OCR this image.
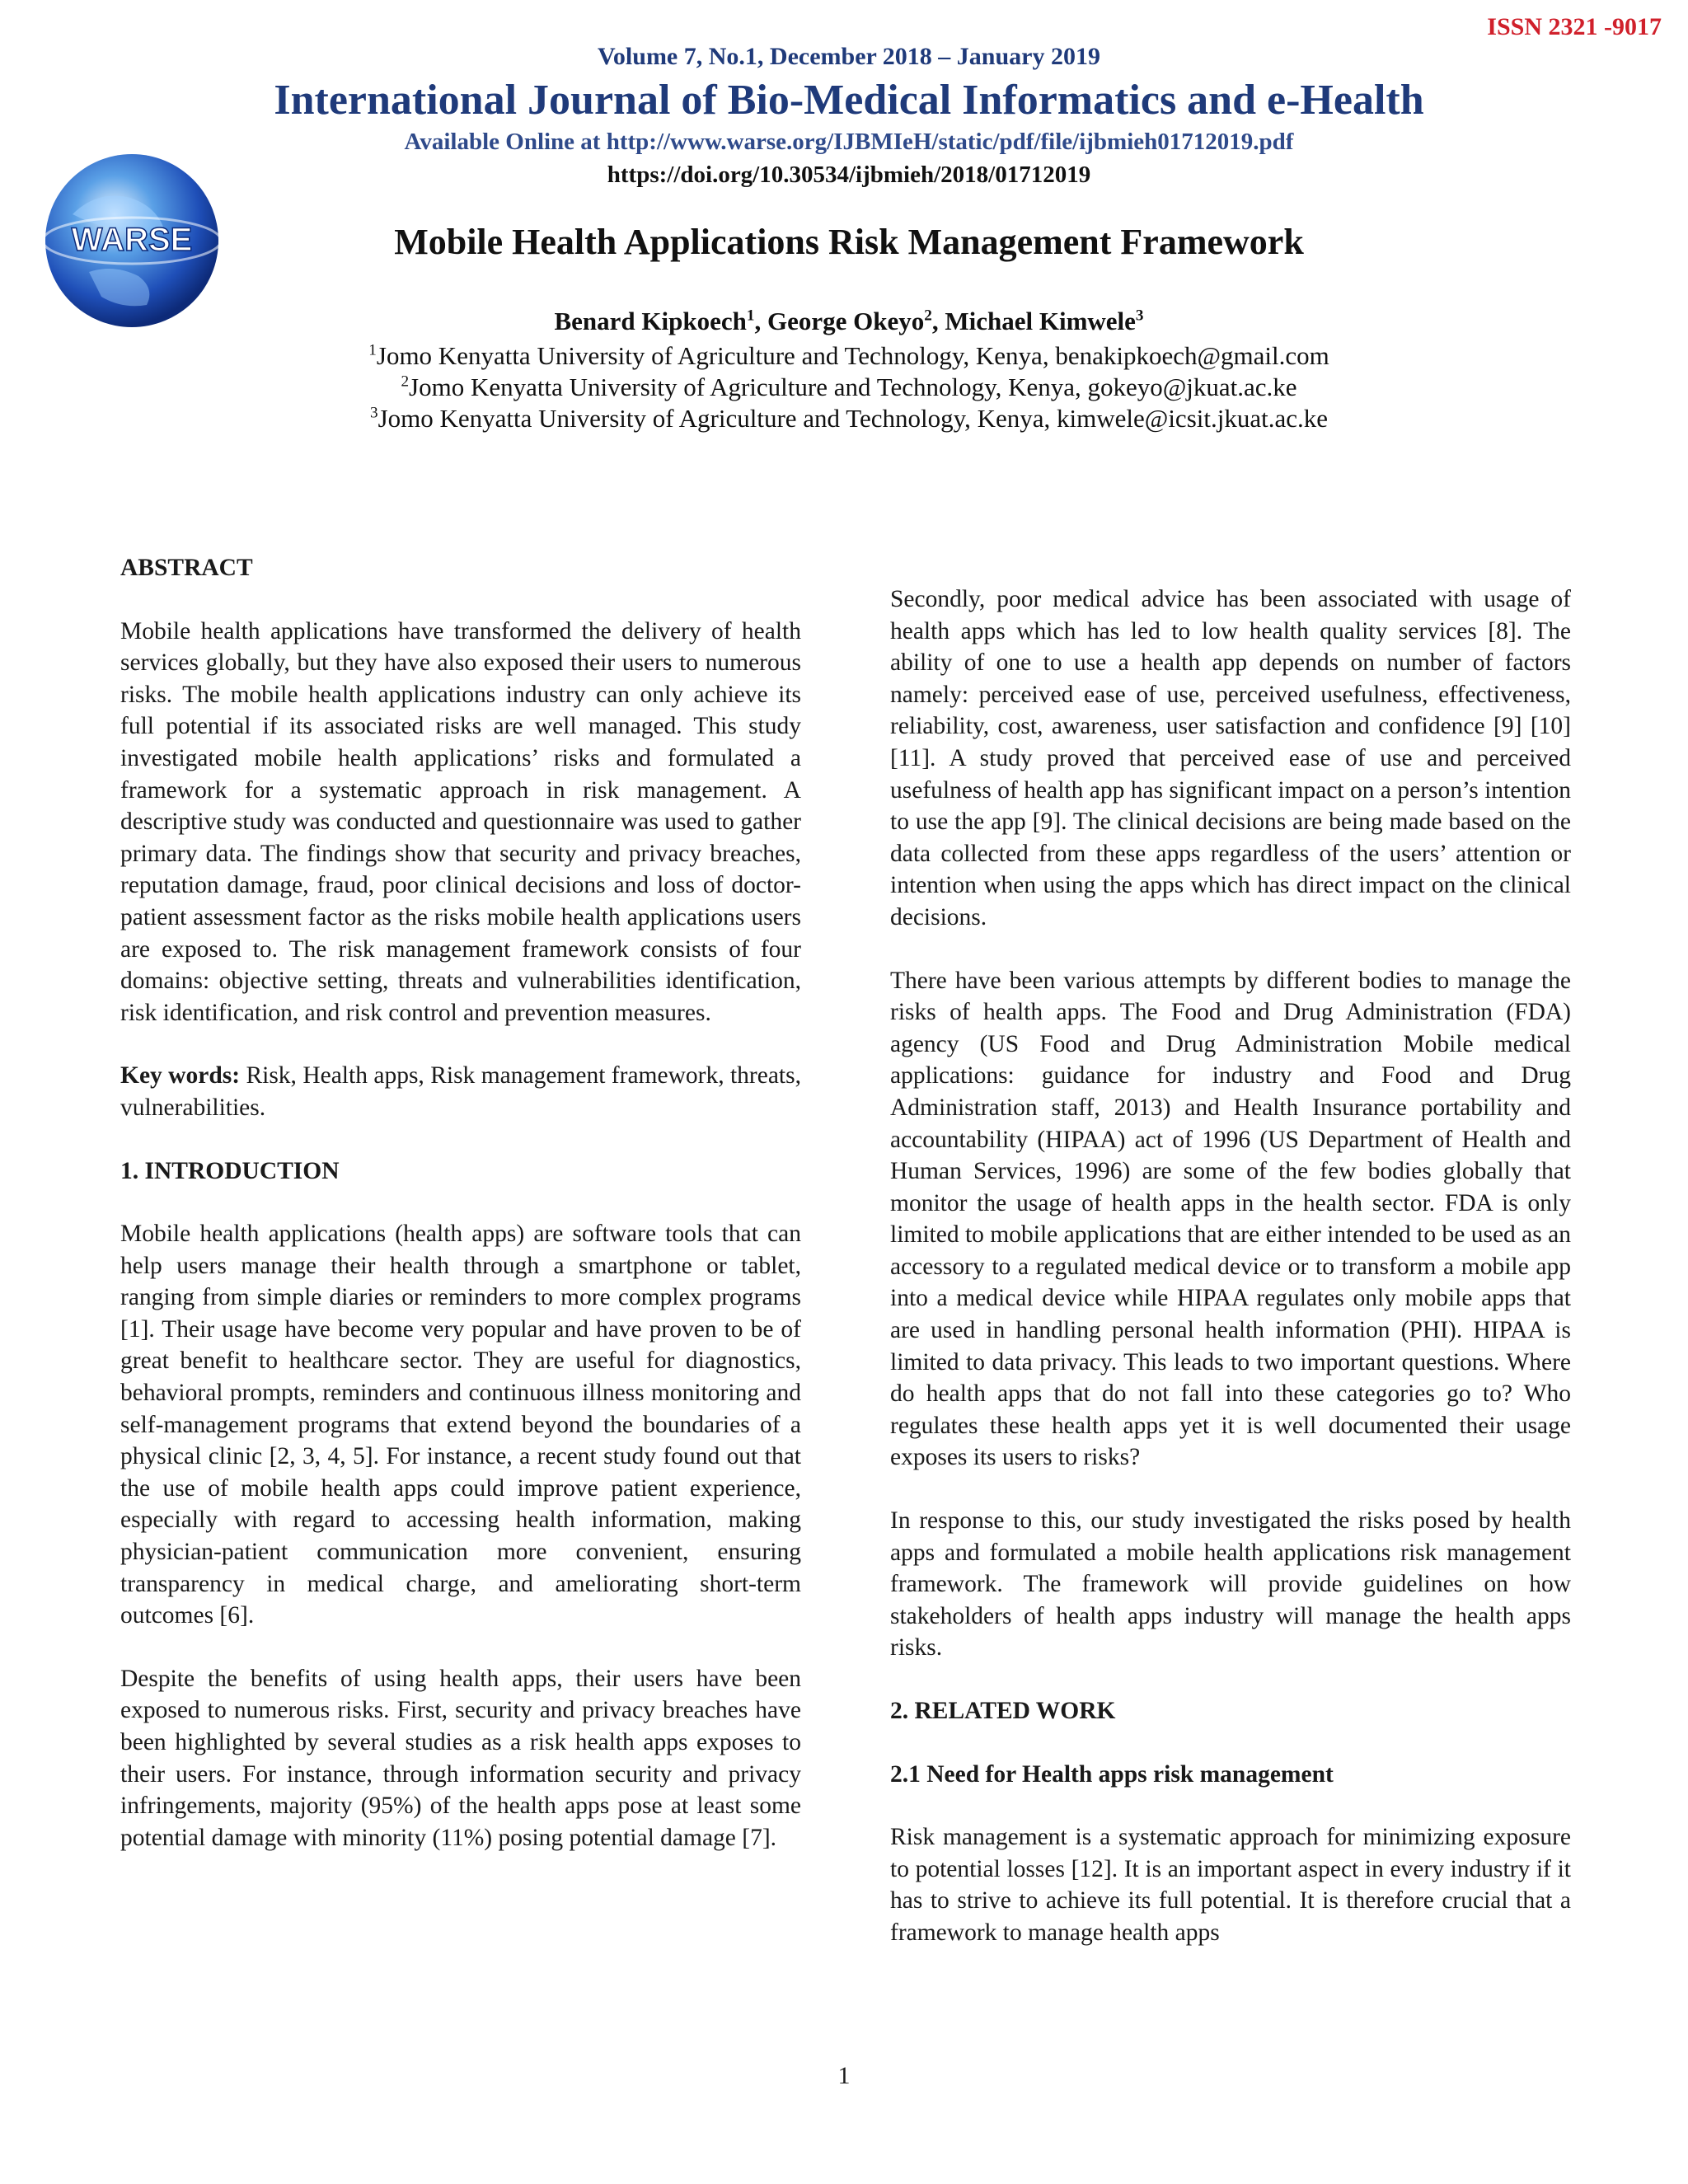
ISSN 2321 -9017
WARSE
Volume 7, No.1, December 2018 – January 2019
International Journal of Bio-Medical Informatics and e-Health
Available Online at http://www.warse.org/IJBMIeH/static/pdf/file/ijbmieh01712019.pdf
https://doi.org/10.30534/ijbmieh/2018/01712019
Mobile Health Applications Risk Management Framework
Benard Kipkoech$^1$, George Okeyo$^2$, Michael Kimwele$^3$
$^1$Jomo Kenyatta University of Agriculture and Technology, Kenya, benakipkoech@gmail.com
$^2$Jomo Kenyatta University of Agriculture and Technology, Kenya, gokeyo@jkuat.ac.ke
$^3$Jomo Kenyatta University of Agriculture and Technology, Kenya, kimwele@icsit.jkuat.ac.ke
ABSTRACT

Mobile health applications have transformed the delivery of health services globally, but they have also exposed their users to numerous risks. The mobile health applications industry can only achieve its full potential if its associated risks are well managed. This study investigated mobile health applications’ risks and formulated a framework for a systematic approach in risk management. A descriptive study was conducted and questionnaire was used to gather primary data. The findings show that security and privacy breaches, reputation damage, fraud, poor clinical decisions and loss of doctor-patient assessment factor as the risks mobile health applications users are exposed to. The risk management framework consists of four domains: objective setting, threats and vulnerabilities identification, risk identification, and risk control and prevention measures.

Key words: Risk, Health apps, Risk management framework, threats, vulnerabilities.

1. INTRODUCTION

Mobile health applications (health apps) are software tools that can help users manage their health through a smartphone or tablet, ranging from simple diaries or reminders to more complex programs [1]. Their usage have become very popular and have proven to be of great benefit to healthcare sector. They are useful for diagnostics, behavioral prompts, reminders and continuous illness monitoring and self-management programs that extend beyond the boundaries of a physical clinic [2, 3, 4, 5]. For instance, a recent study found out that the use of mobile health apps could improve patient experience, especially with regard to accessing health information, making physician-patient communication more convenient, ensuring transparency in medical charge, and ameliorating short-term outcomes [6].

Despite the benefits of using health apps, their users have been exposed to numerous risks. First, security and privacy breaches have been highlighted by several studies as a risk health apps exposes to their users. For instance, through information security and privacy infringements, majority (95%) of the health apps pose at least some potential damage with minority (11%) posing potential damage [7].

Secondly, poor medical advice has been associated with usage of health apps which has led to low health quality services [8]. The ability of one to use a health app depends on number of factors namely: perceived ease of use, perceived usefulness, effectiveness, reliability, cost, awareness, user satisfaction and confidence [9] [10] [11]. A study proved that perceived ease of use and perceived usefulness of health app has significant impact on a person’s intention to use the app [9]. The clinical decisions are being made based on the data collected from these apps regardless of the users’ attention or intention when using the apps which has direct impact on the clinical decisions.

There have been various attempts by different bodies to manage the risks of health apps. The Food and Drug Administration (FDA) agency (US Food and Drug Administration Mobile medical applications: guidance for industry and Food and Drug Administration staff, 2013) and Health Insurance portability and accountability (HIPAA) act of 1996 (US Department of Health and Human Services, 1996) are some of the few bodies globally that monitor the usage of health apps in the health sector. FDA is only limited to mobile applications that are either intended to be used as an accessory to a regulated medical device or to transform a mobile app into a medical device while HIPAA regulates only mobile apps that are used in handling personal health information (PHI). HIPAA is limited to data privacy. This leads to two important questions. Where do health apps that do not fall into these categories go to? Who regulates these health apps yet it is well documented their usage exposes its users to risks?

In response to this, our study investigated the risks posed by health apps and formulated a mobile health applications risk management framework. The framework will provide guidelines on how stakeholders of health apps industry will manage the health apps risks.

2. RELATED WORK
2.1 Need for Health apps risk management

Risk management is a systematic approach for minimizing exposure to potential losses [12]. It is an important aspect in every industry if it has to strive to achieve its full potential. It is therefore crucial that a framework to manage health apps

1
